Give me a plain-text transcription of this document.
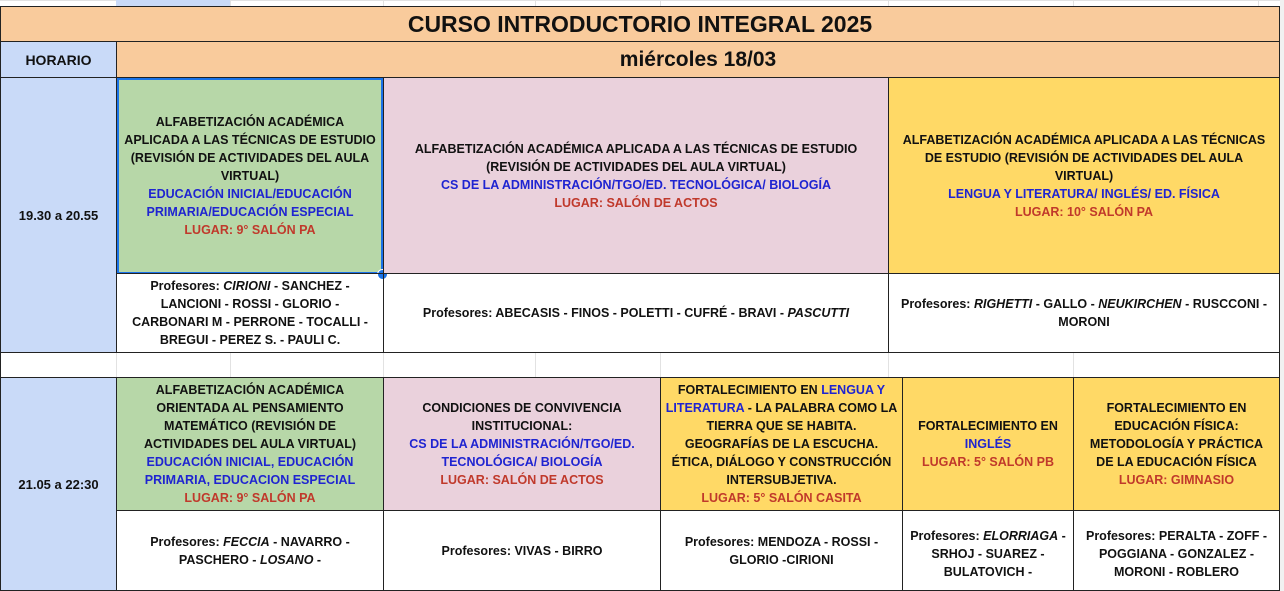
CURSO INTRODUCTORIO INTEGRAL 2025
HORARIO	miércoles 18/03
19.30 a 20.55
ALFABETIZACIÓN ACADÉMICA APLICADA A LAS TÉCNICAS DE ESTUDIO (REVISIÓN DE ACTIVIDADES DEL AULA VIRTUAL)
EDUCACIÓN INICIAL/EDUCACIÓN PRIMARIA/EDUCACIÓN ESPECIAL
LUGAR: 9° SALÓN PA
Profesores: CIRIONI - SANCHEZ - LANCIONI - ROSSI - GLORIO - CARBONARI M - PERRONE - TOCALLI - BREGUI - PEREZ S. - PAULI C.
ALFABETIZACIÓN ACADÉMICA APLICADA A LAS TÉCNICAS DE ESTUDIO (REVISIÓN DE ACTIVIDADES DEL AULA VIRTUAL)
CS DE LA ADMINISTRACIÓN/TGO/ED. TECNOLÓGICA/ BIOLOGÍA
LUGAR: SALÓN DE ACTOS
Profesores: ABECASIS - FINOS - POLETTI - CUFRÉ - BRAVI - PASCUTTI
ALFABETIZACIÓN ACADÉMICA APLICADA A LAS TÉCNICAS DE ESTUDIO (REVISIÓN DE ACTIVIDADES DEL AULA VIRTUAL)
LENGUA Y LITERATURA/ INGLÉS/ ED. FÍSICA
LUGAR: 10° SALÓN PA
Profesores: RIGHETTI - GALLO - NEUKIRCHEN - RUSCCONI - MORONI
21.05 a 22:30
ALFABETIZACIÓN ACADÉMICA ORIENTADA AL PENSAMIENTO MATEMÁTICO (REVISIÓN DE ACTIVIDADES DEL AULA VIRTUAL)
EDUCACIÓN INICIAL, EDUCACIÓN PRIMARIA, EDUCACION ESPECIAL
LUGAR: 9° SALÓN PA
Profesores: FECCIA - NAVARRO - PASCHERO - LOSANO -
CONDICIONES DE CONVIVENCIA INSTITUCIONAL:
CS DE LA ADMINISTRACIÓN/TGO/ED. TECNOLÓGICA/ BIOLOGÍA
LUGAR: SALÓN DE ACTOS
Profesores: VIVAS - BIRRO
FORTALECIMIENTO EN LENGUA Y LITERATURA - LA PALABRA COMO LA TIERRA QUE SE HABITA. GEOGRAFÍAS DE LA ESCUCHA. ÉTICA, DIÁLOGO Y CONSTRUCCIÓN INTERSUBJETIVA.
LUGAR: 5° SALÓN CASITA
Profesores: MENDOZA - ROSSI - GLORIO -CIRIONI
FORTALECIMIENTO EN
INGLÉS
LUGAR: 5° SALÓN PB
Profesores: ELORRIAGA - SRHOJ - SUAREZ - BULATOVICH -
FORTALECIMIENTO EN EDUCACIÓN FÍSICA: METODOLOGÍA Y PRÁCTICA DE LA EDUCACIÓN FÍSICA
LUGAR: GIMNASIO
Profesores: PERALTA - ZOFF - POGGIANA - GONZALEZ - MORONI - ROBLERO
